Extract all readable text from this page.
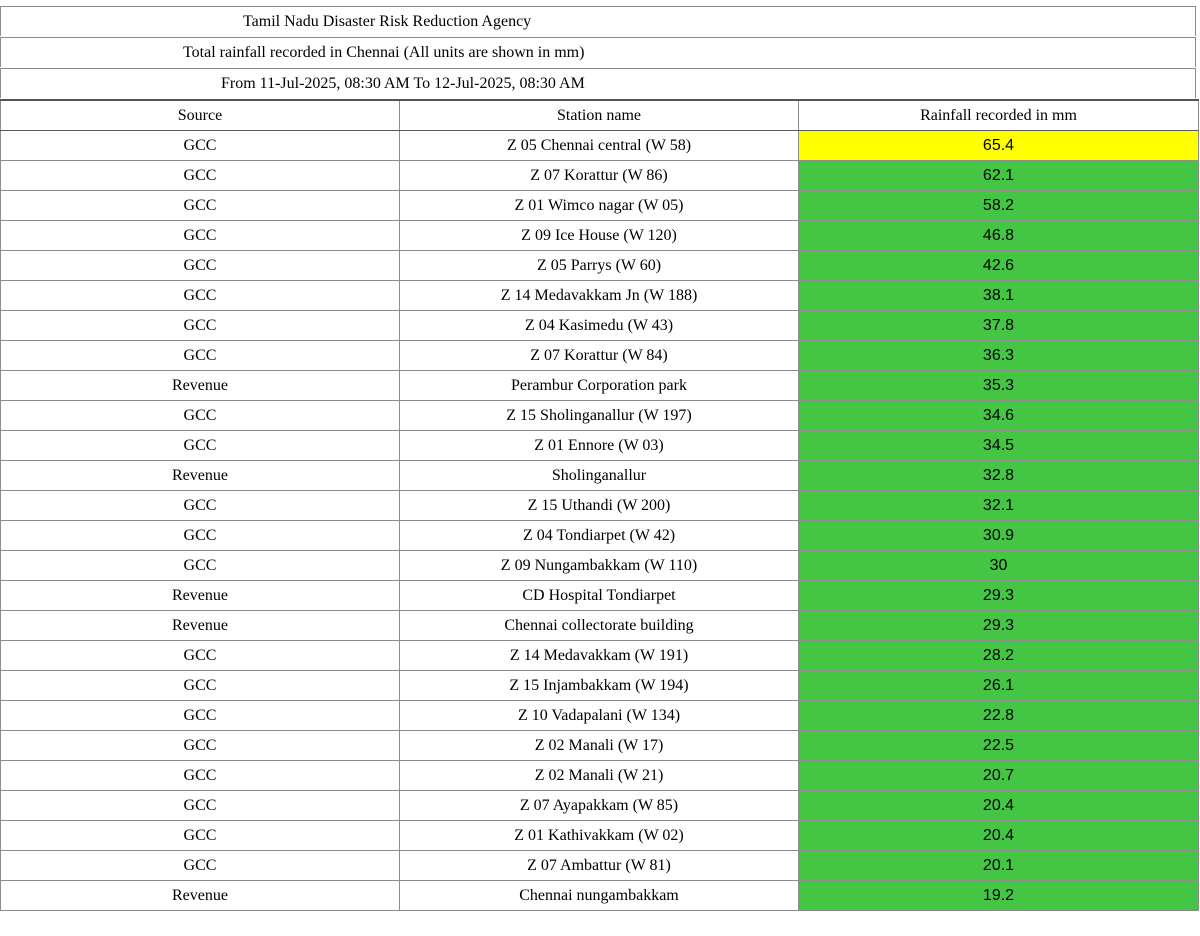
Tamil Nadu Disaster Risk Reduction Agency
Total rainfall recorded in Chennai (All units are shown in mm)
From 11-Jul-2025, 08:30 AM To 12-Jul-2025, 08:30 AM
Source	Station name	Rainfall recorded in mm
GCC	Z 05 Chennai central (W 58)	65.4
GCC	Z 07 Korattur (W 86)	62.1
GCC	Z 01 Wimco nagar (W 05)	58.2
GCC	Z 09 Ice House (W 120)	46.8
GCC	Z 05 Parrys (W 60)	42.6
GCC	Z 14 Medavakkam Jn (W 188)	38.1
GCC	Z 04 Kasimedu (W 43)	37.8
GCC	Z 07 Korattur (W 84)	36.3
Revenue	Perambur Corporation park	35.3
GCC	Z 15 Sholinganallur (W 197)	34.6
GCC	Z 01 Ennore (W 03)	34.5
Revenue	Sholinganallur	32.8
GCC	Z 15 Uthandi (W 200)	32.1
GCC	Z 04 Tondiarpet (W 42)	30.9
GCC	Z 09 Nungambakkam (W 110)	30
Revenue	CD Hospital Tondiarpet	29.3
Revenue	Chennai collectorate building	29.3
GCC	Z 14 Medavakkam (W 191)	28.2
GCC	Z 15 Injambakkam (W 194)	26.1
GCC	Z 10 Vadapalani (W 134)	22.8
GCC	Z 02 Manali (W 17)	22.5
GCC	Z 02 Manali (W 21)	20.7
GCC	Z 07 Ayapakkam (W 85)	20.4
GCC	Z 01 Kathivakkam (W 02)	20.4
GCC	Z 07 Ambattur (W 81)	20.1
Revenue	Chennai nungambakkam	19.2
